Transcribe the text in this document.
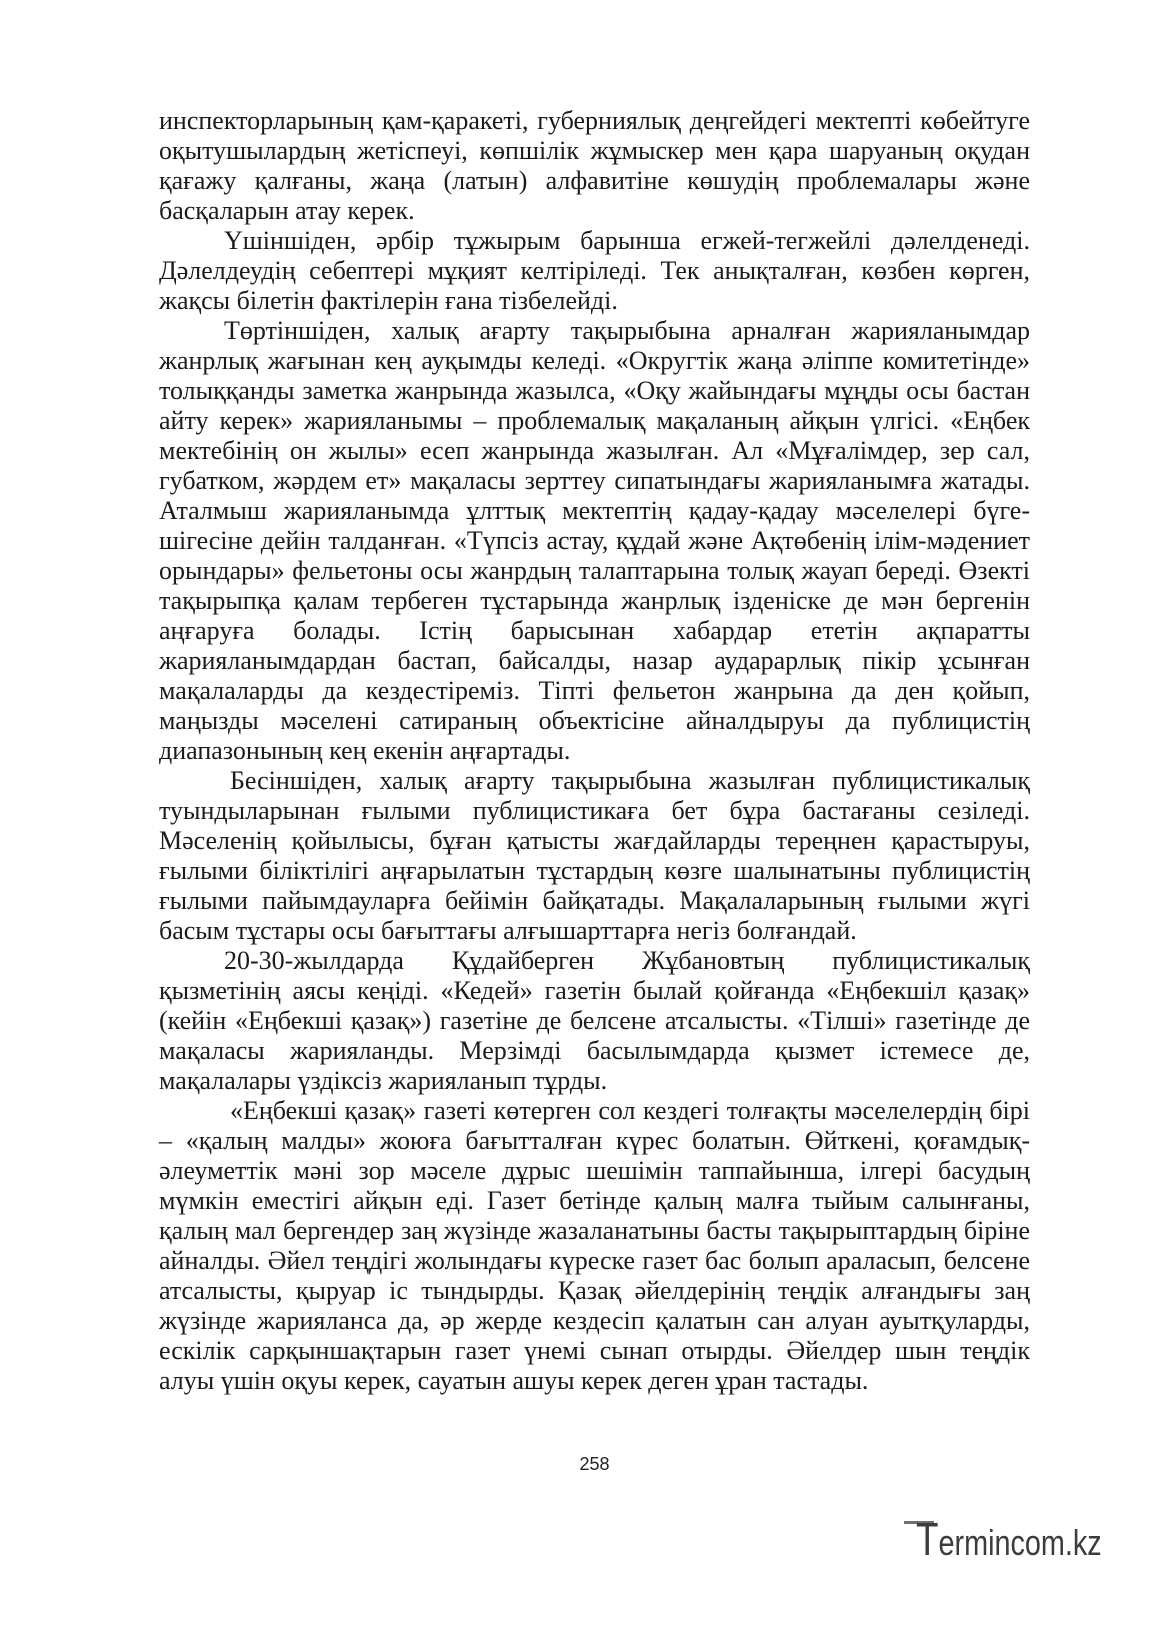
инспекторларының қам-қаракеті, губерниялық деңгейдегі мектепті көбейтуге
оқытушылардың жетіспеуі, көпшілік жұмыскер мен қара шаруаның оқудан
қағажу қалғаны, жаңа (латын) алфавитіне көшудің проблемалары және
басқаларын атау керек.
Үшіншіден, әрбір тұжырым барынша егжей-тегжейлі дәлелденеді.
Дәлелдеудің себептері мұқият келтіріледі. Тек анықталған, көзбен көрген,
жақсы білетін фактілерін ғана тізбелейді.
Төртіншіден, халық ағарту тақырыбына арналған жарияланымдар
жанрлық жағынан кең ауқымды келеді. «Округтік жаңа әліппе комитетінде»
толыққанды заметка жанрында жазылса, «Оқу жайындағы мұңды осы бастан
айту керек» жарияланымы – проблемалық мақаланың айқын үлгісі. «Еңбек
мектебінің он жылы» есеп жанрында жазылған. Ал «Мұғалімдер, зер сал,
губатком, жәрдем ет» мақаласы зерттеу сипатындағы жарияланымға жатады.
Аталмыш жарияланымда ұлттық мектептің қадау-қадау мәселелері бүге-
шігесіне дейін талданған. «Түпсіз астау, құдай және Ақтөбенің ілім-мәдениет
орындары» фельетоны осы жанрдың талаптарына толық жауап береді. Өзекті
тақырыпқа қалам тербеген тұстарында жанрлық ізденіске де мән бергенін
аңғаруға болады. Істің барысынан хабардар ететін ақпаратты
жарияланымдардан бастап, байсалды, назар аударарлық пікір ұсынған
мақалаларды да кездестіреміз. Тіпті фельетон жанрына да ден қойып,
маңызды мәселені сатираның объектісіне айналдыруы да публицистің
диапазонының кең екенін аңғартады.
Бесіншіден, халық ағарту тақырыбына жазылған публицистикалық
туындыларынан ғылыми публицистикаға бет бұра бастағаны сезіледі.
Мәселенің қойылысы, бұған қатысты жағдайларды тереңнен қарастыруы,
ғылыми біліктілігі аңғарылатын тұстардың көзге шалынатыны публицистің
ғылыми пайымдауларға бейімін байқатады. Мақалаларының ғылыми жүгі
басым тұстары осы бағыттағы алғышарттарға негіз болғандай.
20-30-жылдарда Құдайберген Жұбановтың публицистикалық
қызметінің аясы кеңіді. «Кедей» газетін былай қойғанда «Еңбекшіл қазақ»
(кейін «Еңбекші қазақ») газетіне де белсене атсалысты. «Тілші» газетінде де
мақаласы жарияланды. Мерзімді басылымдарда қызмет істемесе де,
мақалалары үздіксіз жарияланып тұрды.
«Еңбекші қазақ» газеті көтерген сол кездегі толғақты мәселелердің бірі
– «қалың малды» жоюға бағытталған күрес болатын. Өйткені, қоғамдық-
әлеуметтік мәні зор мәселе дұрыс шешімін таппайынша, ілгері басудың
мүмкін еместігі айқын еді. Газет бетінде қалың малға тыйым салынғаны,
қалың мал бергендер заң жүзінде жазаланатыны басты тақырыптардың біріне
айналды. Әйел теңдігі жолындағы күреске газет бас болып араласып, белсене
атсалысты, қыруар іс тындырды. Қазақ әйелдерінің теңдік алғандығы заң
жүзінде жарияланса да, әр жерде кездесіп қалатын сан алуан ауытқуларды,
ескілік сарқыншақтарын газет үнемі сынап отырды. Әйелдер шын теңдік
алуы үшін оқуы керек, сауатын ашуы керек деген ұран тастады.
258
Termincom.kz
